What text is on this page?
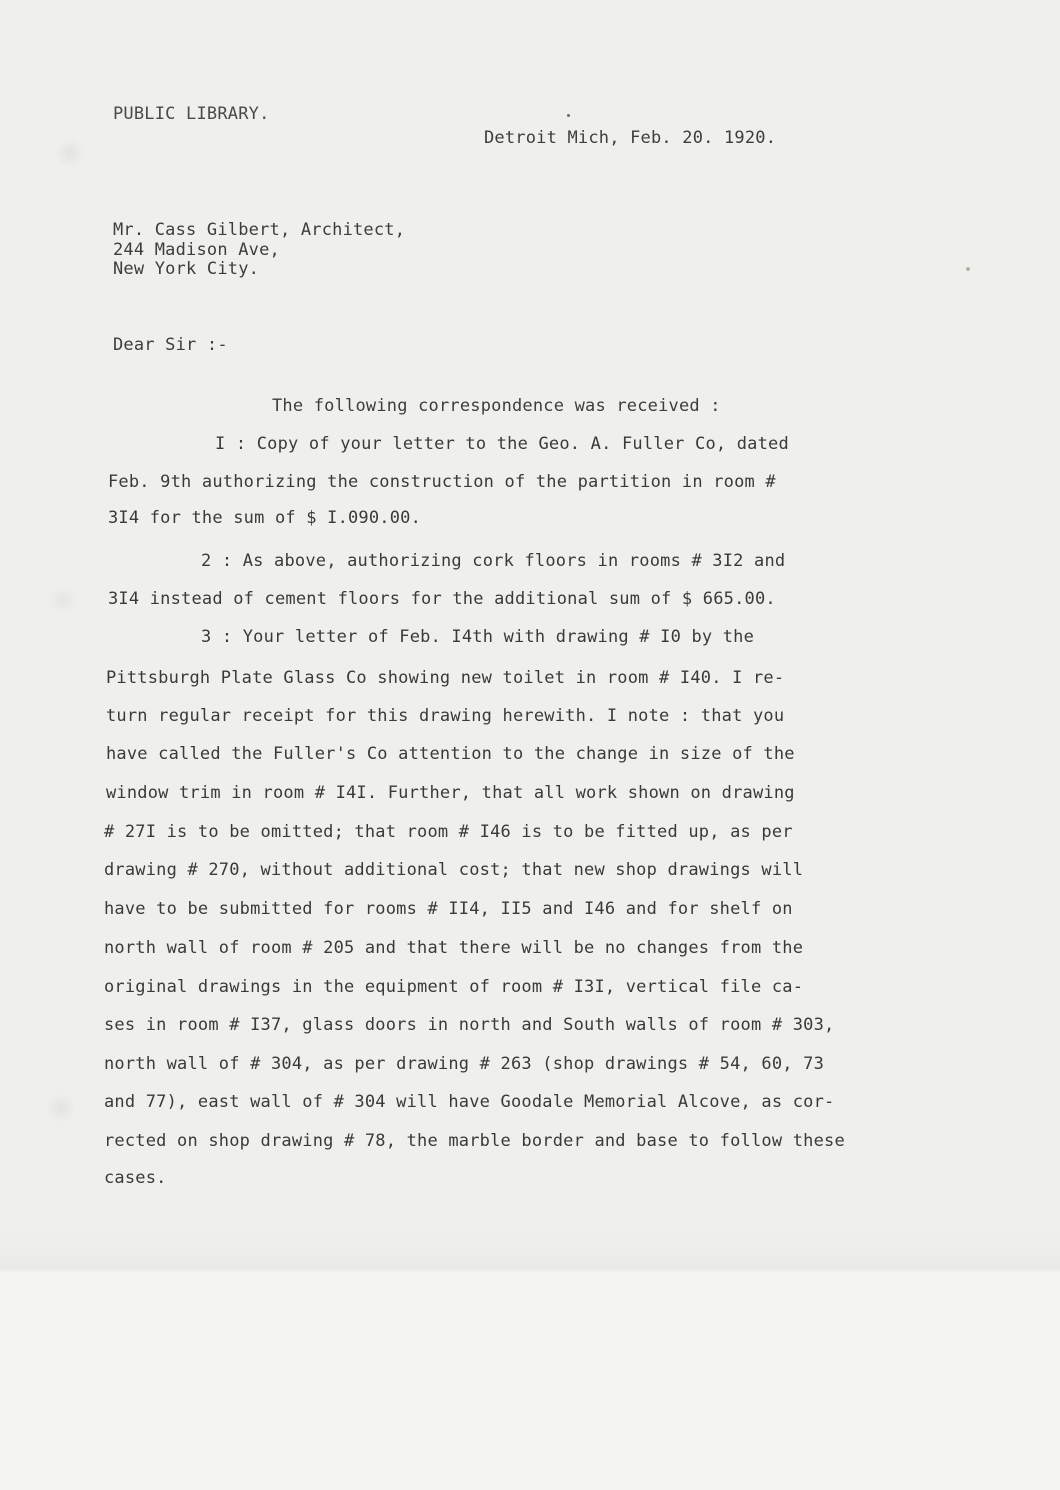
PUBLIC LIBRARY.

Detroit Mich, Feb. 20. 1920.

Mr. Cass Gilbert, Architect,

244 Madison Ave,

New York City.

Dear Sir :-

The following correspondence was received :

I : Copy of your letter to the Geo. A. Fuller Co, dated

Feb. 9th authorizing the construction of the partition in room #

3I4 for the sum of $ I.090.00.

2 : As above, authorizing cork floors in rooms # 3I2 and

3I4 instead of cement floors for the additional sum of $ 665.00.

3 : Your letter of Feb. I4th with drawing # I0 by the

Pittsburgh Plate Glass Co showing new toilet in room # I40. I re-

turn regular receipt for this drawing herewith. I note : that you

have called the Fuller's Co attention to the change in size of the

window trim in room # I4I. Further, that all work shown on drawing

# 27I is to be omitted; that room # I46 is to be fitted up, as per

drawing # 270, without additional cost; that new shop drawings will

have to be submitted for rooms # II4, II5 and I46 and for shelf on

north wall of room # 205 and that there will be no changes from the

original drawings in the equipment of room # I3I, vertical file ca-

ses in room # I37, glass doors in north and South walls of room # 303,

north wall of # 304, as per drawing # 263 (shop drawings # 54, 60, 73

and 77), east wall of # 304 will have Goodale Memorial Alcove, as cor-

rected on shop drawing # 78, the marble border and base to follow these

cases.
